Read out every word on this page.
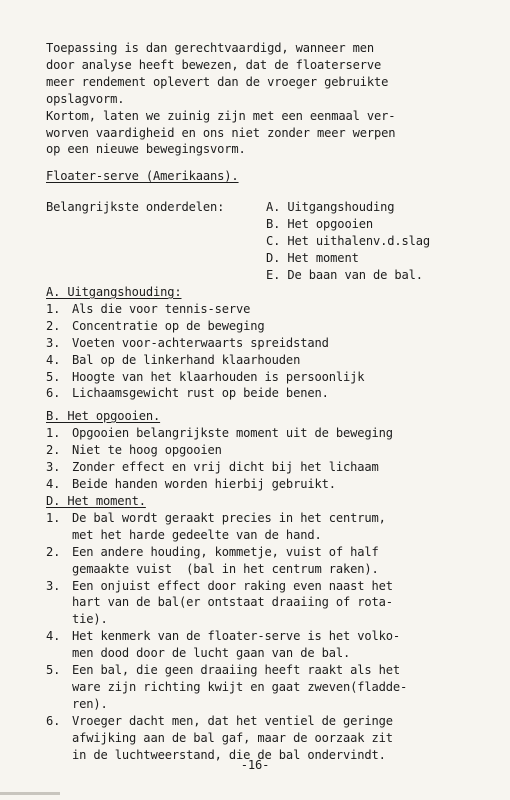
Toepassing is dan gerechtvaardigd, wanneer men
door analyse heeft bewezen, dat de floaterserve
meer rendement oplevert dan de vroeger gebruikte
opslagvorm.
Kortom, laten we zuinig zijn met een eenmaal ver-
worven vaardigheid en ons niet zonder meer werpen
op een nieuwe bewegingsvorm.
Floater-serve (Amerikaans).
Belangrijkste onderdelen:	A. Uitgangshouding
B. Het opgooien
C. Het uithalenv.d.slag
D. Het moment
E. De baan van de bal.
A. Uitgangshouding:
1. Als die voor tennis-serve
2. Concentratie op de beweging
3. Voeten voor-achterwaarts spreidstand
4. Bal op de linkerhand klaarhouden
5. Hoogte van het klaarhouden is persoonlijk
6. Lichaamsgewicht rust op beide benen.
B. Het opgooien.
1. Opgooien belangrijkste moment uit de beweging
2. Niet te hoog opgooien
3. Zonder effect en vrij dicht bij het lichaam
4. Beide handen worden hierbij gebruikt.
D. Het moment.
1. De bal wordt geraakt precies in het centrum,
met het harde gedeelte van de hand.
2. Een andere houding, kommetje, vuist of half
gemaakte vuist  (bal in het centrum raken).
3. Een onjuist effect door raking even naast het
hart van de bal(er ontstaat draaiing of rota-
tie).
4. Het kenmerk van de floater-serve is het volko-
men dood door de lucht gaan van de bal.
5. Een bal, die geen draaiing heeft raakt als het
ware zijn richting kwijt en gaat zweven(fladde-
ren).
6. Vroeger dacht men, dat het ventiel de geringe
afwijking aan de bal gaf, maar de oorzaak zit
in de luchtweerstand, die de bal ondervindt.
-16-
